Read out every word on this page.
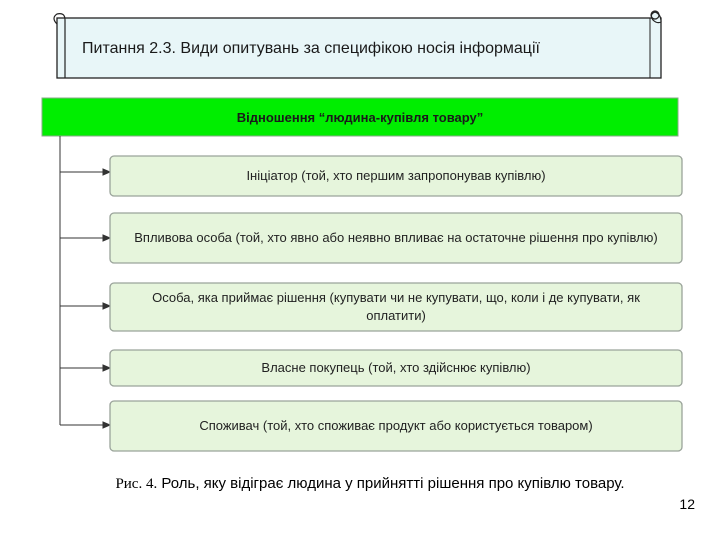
Питання 2.3. Види опитувань за специфікою носія інформації
Відношення “людина-купівля товару”
Ініціатор (той, хто першим запропонував купівлю)
Впливова особа (той, хто явно або неявно впливає на остаточне рішення про купівлю)
Особа, яка приймає рішення (купувати чи не купувати, що, коли і де купувати, як оплатити)
Власне покупець (той, хто здійснює купівлю)
Споживач (той, хто споживає продукт або користується товаром)
Рис. 4. Роль, яку відіграє людина у прийнятті рішення про купівлю товару.
12
